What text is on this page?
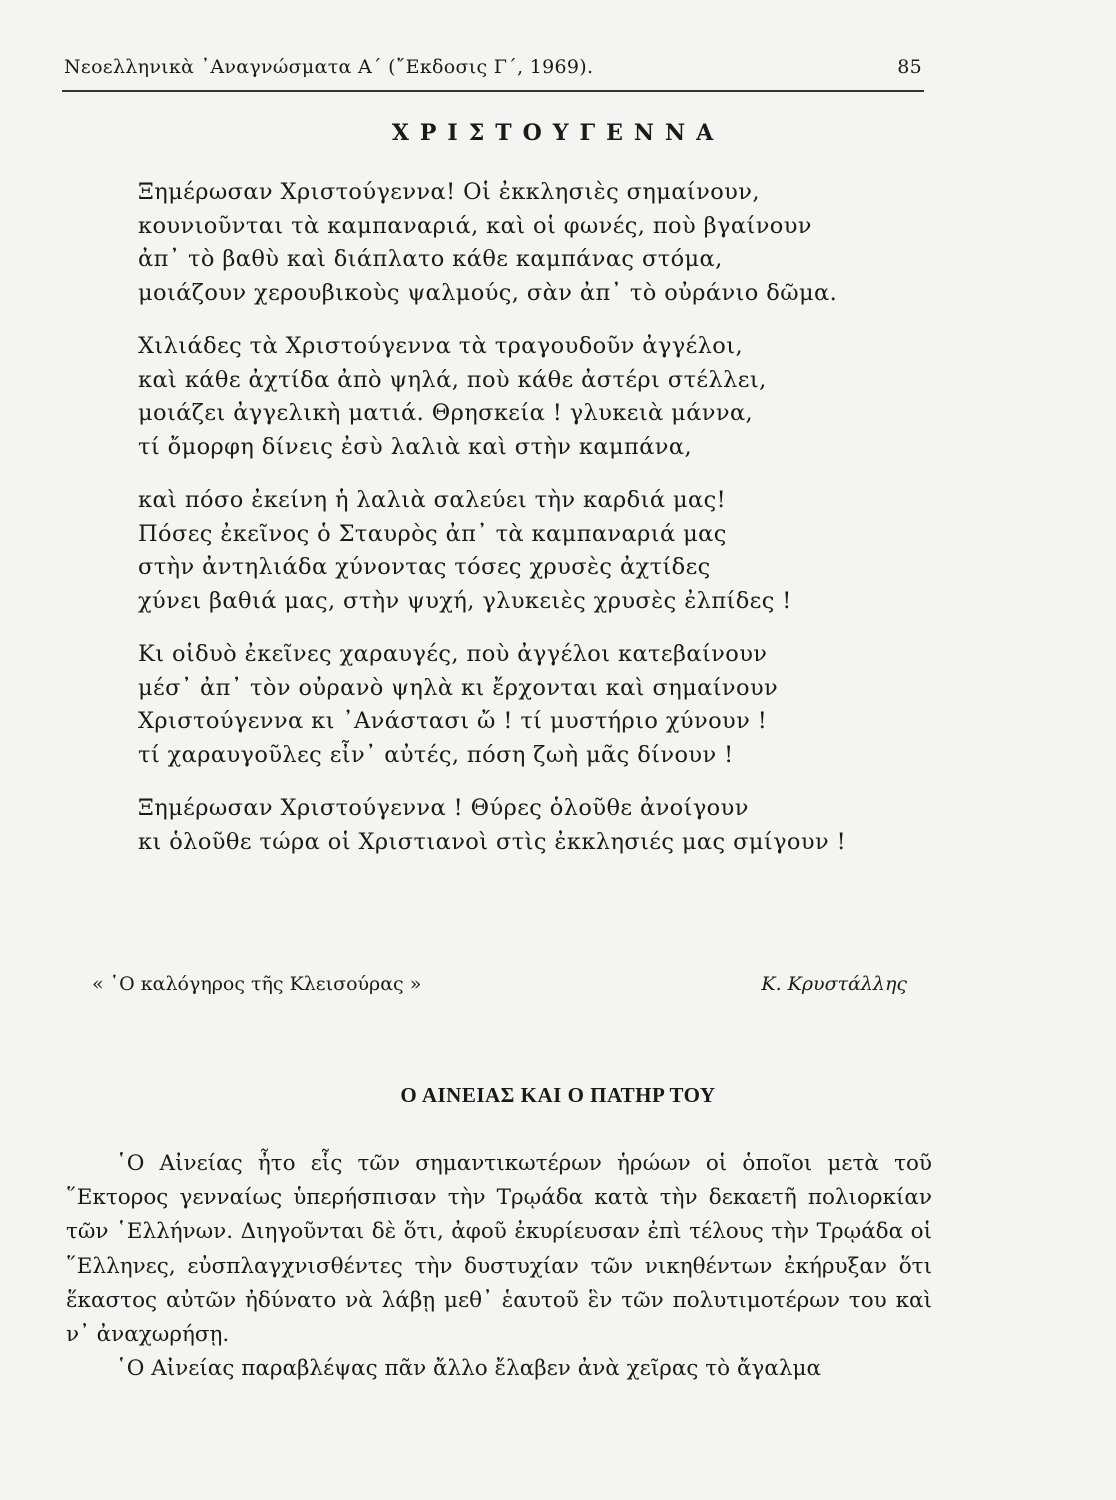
Νεοελληνικὰ ᾿Αναγνώσματα Α΄ (῎Εκδοσις Γ΄, 1969).	85
ΧΡΙΣΤΟΥΓΕΝΝΑ
Ξημέρωσαν Χριστούγεννα! Οἱ ἐκκλησιὲς σημαίνουν,
κουνιοῦνται τὰ καμπαναριά, καὶ οἱ φωνές, ποὺ βγαίνουν
ἀπ᾿ τὸ βαθὺ καὶ διάπλατο κάθε καμπάνας στόμα,
μοιάζουν χερουβικοὺς ψαλμούς, σὰν ἀπ᾿ τὸ οὐράνιο δῶμα.
Χιλιάδες τὰ Χριστούγεννα τὰ τραγουδοῦν ἀγγέλοι,
καὶ κάθε ἀχτίδα ἀπὸ ψηλά, ποὺ κάθε ἀστέρι στέλλει,
μοιάζει ἀγγελικὴ ματιά. Θρησκεία ! γλυκειὰ μάννα,
τί ὄμορφη δίνεις ἐσὺ λαλιὰ καὶ στὴν καμπάνα,
καὶ πόσο ἐκείνη ἡ λαλιὰ σαλεύει τὴν καρδιά μας!
Πόσες ἐκεῖνος ὁ Σταυρὸς ἀπ᾿ τὰ καμπαναριά μας
στὴν ἀντηλιάδα χύνοντας τόσες χρυσὲς ἀχτίδες
χύνει βαθιά μας, στὴν ψυχή, γλυκειὲς χρυσὲς ἐλπίδες !
Κι οἱδυὸ ἐκεῖνες χαραυγές, ποὺ ἀγγέλοι κατεβαίνουν
μέσ᾿ ἀπ᾿ τὸν οὐρανὸ ψηλὰ κι ἔρχονται καὶ σημαίνουν
Χριστούγεννα κι ᾿Ανάστασι ὤ ! τί μυστήριο χύνουν !
τί χαραυγοῦλες εἶν᾿ αὐτές, πόση ζωὴ μᾶς δίνουν !
Ξημέρωσαν Χριστούγεννα ! Θύρες ὁλοῦθε ἀνοίγουν
κι ὁλοῦθε τώρα οἱ Χριστιανοὶ στὶς ἐκκλησιές μας σμίγουν !
« ῾Ο καλόγηρος τῆς Κλεισούρας »	Κ. Κρυστάλλης
Ο ΑΙΝΕΙΑΣ ΚΑΙ Ο ΠΑΤΗΡ ΤΟΥ

῾Ο Αἰνείας ἦτο εἷς τῶν σημαντικωτέρων ἡρώων οἱ ὁποῖοι μετὰ τοῦ ῞Εκτορος γενναίως ὑπερήσπισαν τὴν Τρῳάδα κατὰ τὴν δεκαετῆ πολιορκίαν τῶν ῾Ελλήνων. Διηγοῦνται δὲ ὅτι, ἀφοῦ ἐκυρίευσαν ἐπὶ τέλους τὴν Τρῳάδα οἱ ῞Ελληνες, εὐσπλαγχνισθέντες τὴν δυστυχίαν τῶν νικηθέντων ἐκήρυξαν ὅτι ἕκαστος αὐτῶν ἠδύνατο νὰ λάβῃ μεθ᾿ ἑαυτοῦ ἓν τῶν πολυτιμοτέρων του καὶ ν᾿ ἀναχωρήσῃ.

῾Ο Αἰνείας παραβλέψας πᾶν ἄλλο ἔλαβεν ἀνὰ χεῖρας τὸ ἄγαλμα
